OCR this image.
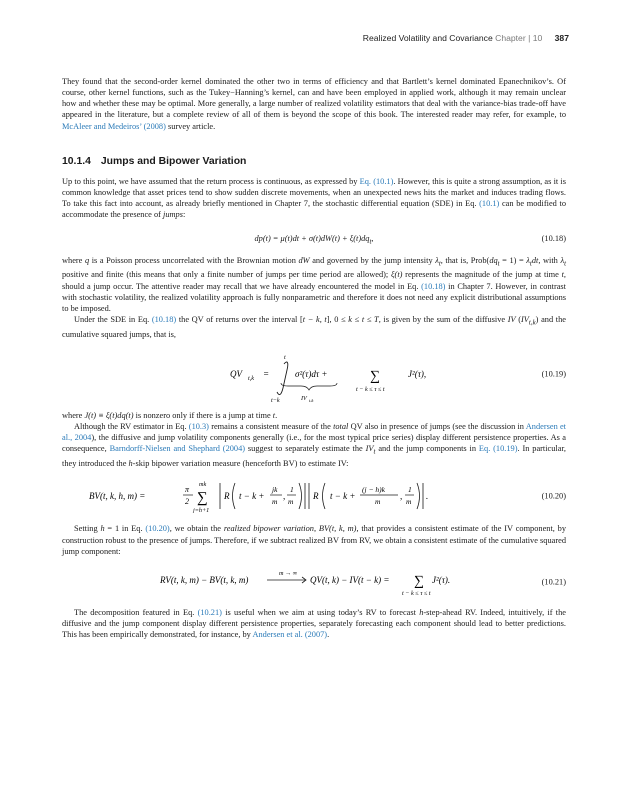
Realized Volatility and Covariance Chapter | 10 387

They found that the second-order kernel dominated the other two in terms of efficiency and that Bartlett’s kernel dominated Epanechnikov’s. Of course, other kernel functions, such as the Tukey−Hanning’s kernel, can and have been employed in applied work, although it may remain unclear how and whether these may be optimal. More generally, a large number of realized volatility estimators that deal with the variance-bias trade-off have appeared in the literature, but a complete review of all of them is beyond the scope of this book. The interested reader may refer, for example, to McAleer and Medeiros’ (2008) survey article.

10.1.4 Jumps and Bipower Variation

Up to this point, we have assumed that the return process is continuous, as expressed by Eq. (10.1). However, this is quite a strong assumption, as it is common knowledge that asset prices tend to show sudden discrete movements, when an unexpected news hits the market and induces trading flows. To take this fact into account, as already briefly mentioned in Chapter 7, the stochastic differential equation (SDE) in Eq. (10.1) can be modified to accommodate the presence of jumps:

$dp(t) = \mu(t)dt + \sigma(t)dW(t) + \xi(t)dq_t$,	(10.18)

where q is a Poisson process uncorrelated with the Brownian motion dW and governed by the jump intensity $\lambda_t$, that is, $Prob(dq_t = 1) = \lambda_tdt$, with $\lambda_t$ positive and finite (this means that only a finite number of jumps per time period are allowed); ξ(t) represents the magnitude of the jump at time t, should a jump occur. The attentive reader may recall that we have already encountered the model in Eq. (10.18) in Chapter 7. However, in contrast with stochastic volatility, the realized volatility approach is fully nonparametric and therefore it does not need any explicit distributional assumptions to be imposed.

Under the SDE in Eq. (10.18) the QV of returns over the interval [t − k, t], 0 ≤ k ≤ t ≤ T, is given by the sum of the diffusive IV $(IV_{t,k})$ and the cumulative squared jumps, that is,

QV t,k =
t
t−k
σ²(τ)dτ +	∑
t − k ≤ τ ≤ t
J²(τ),
IV t,k
(10.19)

where J(t) ≡ ξ(t)dq(t) is nonzero only if there is a jump at time t.

Although the RV estimator in Eq. (10.3) remains a consistent measure of the total QV also in presence of jumps (see the discussion in Andersen et al., 2004), the diffusive and jump volatility components generally (i.e., for the most typical price series) display different persistence properties. As a consequence, Barndorff-Nielsen and Shephard (2004) suggest to separately estimate the $IV_t$ and the jump components in Eq. (10.19). In particular, they introduced the h-skip bipower variation measure (henceforth BV) to estimate IV:

BV(t, k, h, m) =
π
2
mk
∑
j=h+1
R t − k +
jk
m
,
1
m
R t − k +
(j − h)k
m
,
1
m
.	(10.20)

Setting h = 1 in Eq. (10.20), we obtain the realized bipower variation, BV(t, k, m), that provides a consistent estimate of the IV component, by construction robust to the presence of jumps. Therefore, if we subtract realized BV from RV, we obtain a consistent estimate of the cumulative squared jump component:

RV(t, k, m) − BV(t, k, m)
m → ∞
QV(t, k) − IV(t − k) = ∑
t − k ≤ τ ≤ t
J²(τ).	(10.21)

The decomposition featured in Eq. (10.21) is useful when we aim at using today’s RV to forecast h-step-ahead RV. Indeed, intuitively, if the diffusive and the jump component display different persistence properties, separately forecasting each component should lead to better predictions. This has been empirically demonstrated, for instance, by Andersen et al. (2007).
